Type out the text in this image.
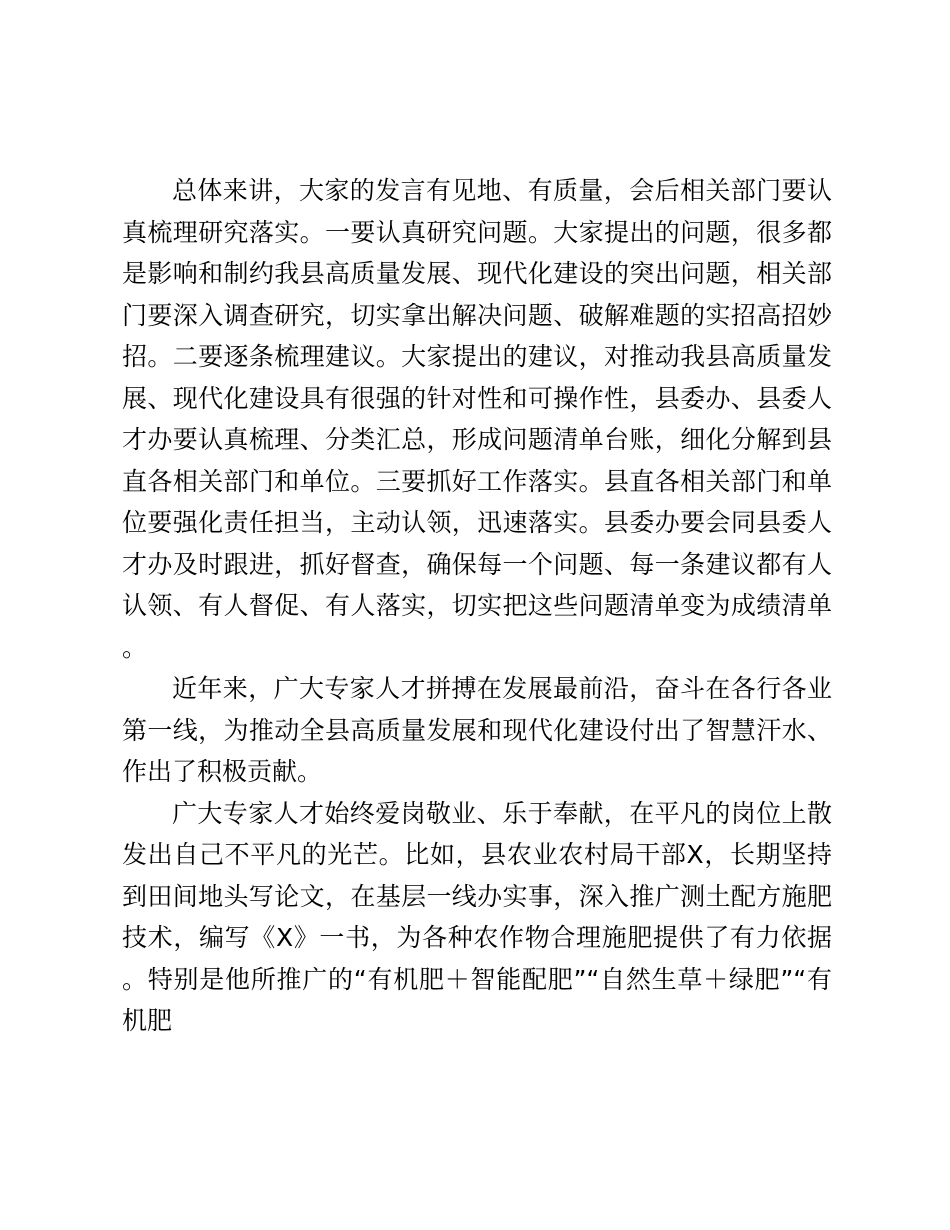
总体来讲，大家的发言有见地、有质量，会后相关部门要认真梳理研究落实。一要认真研究问题。大家提出的问题，很多都是影响和制约我县高质量发展、现代化建设的突出问题，相关部门要深入调查研究，切实拿出解决问题、破解难题的实招高招妙招。二要逐条梳理建议。大家提出的建议，对推动我县高质量发展、现代化建设具有很强的针对性和可操作性，县委办、县委人才办要认真梳理、分类汇总，形成问题清单台账，细化分解到县直各相关部门和单位。三要抓好工作落实。县直各相关部门和单位要强化责任担当，主动认领，迅速落实。县委办要会同县委人才办及时跟进，抓好督查，确保每一个问题、每一条建议都有人认领、有人督促、有人落实，切实把这些问题清单变为成绩清单。

近年来，广大专家人才拼搏在发展最前沿，奋斗在各行各业第一线，为推动全县高质量发展和现代化建设付出了智慧汗水、作出了积极贡献。

广大专家人才始终爱岗敬业、乐于奉献，在平凡的岗位上散发出自己不平凡的光芒。比如，县农业农村局干部X，长期坚持到田间地头写论文，在基层一线办实事，深入推广测土配方施肥技术，编写《X》一书，为各种农作物合理施肥提供了有力依据。特别是他所推广的“有机肥＋智能配肥”“自然生草＋绿肥”“有机肥
